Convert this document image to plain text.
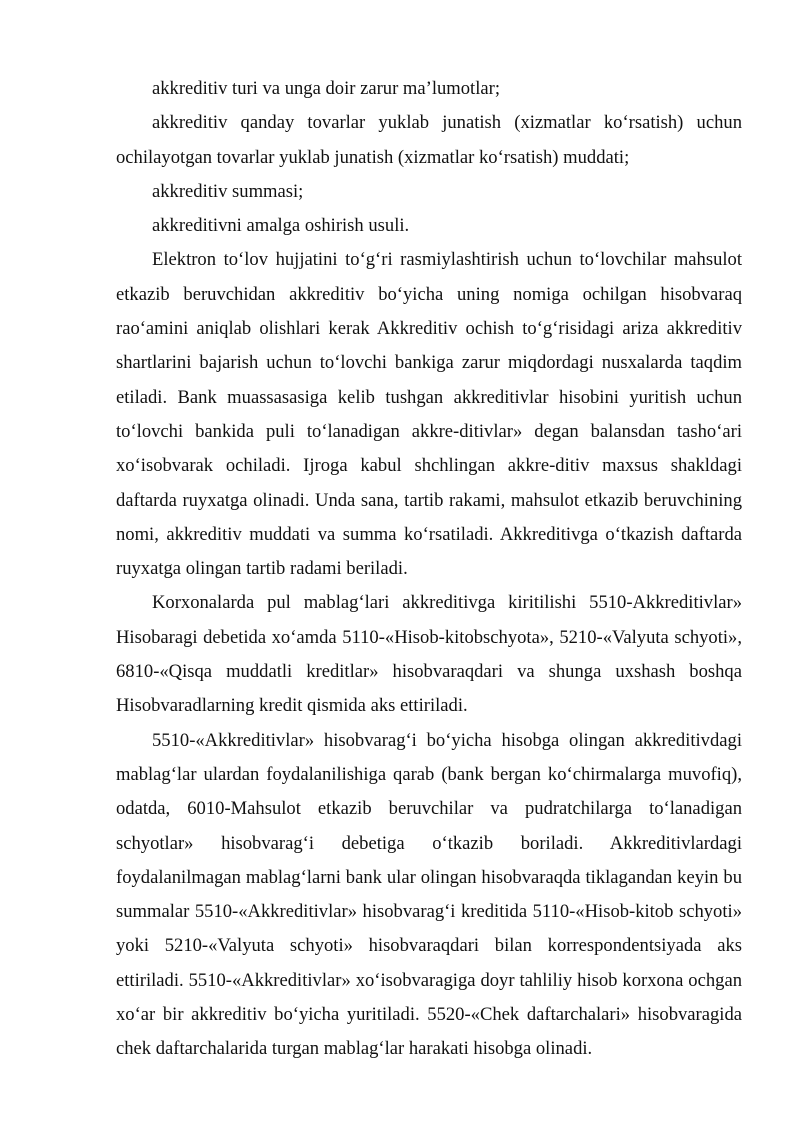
akkreditiv turi va unga doir zarur ma’lumotlar;

akkreditiv qanday tovarlar yuklab junatish (xizmatlar ko‘rsatish) uchun ochilayotgan tovarlar yuklab junatish (xizmatlar ko‘rsatish) muddati;

akkreditiv summasi;

akkreditivni amalga oshirish usuli.

Elektron to‘lov hujjatini to‘g‘ri rasmiylashtirish uchun to‘lovchilar mahsulot etkazib beruvchidan akkreditiv bo‘yicha uning nomiga ochilgan hisobvaraq rao‘amini aniqlab olishlari kerak Akkreditiv ochish to‘g‘risidagi ariza akkreditiv shartlarini bajarish uchun to‘lovchi bankiga zarur miqdordagi nusxalarda taqdim etiladi. Bank muassasasiga kelib tushgan akkreditivlar hisobini yuritish uchun to‘lovchi bankida puli to‘lanadigan akkre-ditivlar» degan balansdan tasho‘ari xo‘isobvarak ochiladi. Ijroga kabul shchlingan akkre-ditiv maxsus shakldagi daftarda ruyxatga olinadi. Unda sana, tartib rakami, mahsulot etkazib beruvchining nomi, akkreditiv muddati va summa ko‘rsatiladi. Akkreditivga o‘tkazish daftarda ruyxatga olingan tartib radami beriladi.

Korxonalarda pul mablag‘lari akkreditivga kiritilishi 5510-Akkreditivlar» Hisobaragi debetida xo‘amda 5110-«Hisob-kitobschyota», 5210-«Valyuta schyoti», 6810-«Qisqa muddatli kreditlar» hisobvaraqdari va shunga uxshash boshqa Hisobvaradlarning kredit qismida aks ettiriladi.

5510-«Akkreditivlar» hisobvarag‘i bo‘yicha hisobga olingan akkreditivdagi mablag‘lar ulardan foydalanilishiga qarab (bank bergan ko‘chirmalarga muvofiq), odatda, 6010-Mahsulot etkazib beruvchilar va pudratchilarga to‘lanadigan schyotlar» hisobvarag‘i debetiga o‘tkazib boriladi. Akkreditivlardagi foydalanilmagan mablag‘larni bank ular olingan hisobvaraqda tiklagandan keyin bu summalar 5510-«Akkreditivlar» hisobvarag‘i kreditida 5110-«Hisob-kitob schyoti» yoki 5210-«Valyuta schyoti» hisobvaraqdari bilan korrespondentsiyada aks ettiriladi. 5510-«Akkreditivlar» xo‘isobvaragiga doyr tahliliy hisob korxona ochgan xo‘ar bir akkreditiv bo‘yicha yuritiladi. 5520-«Chek daftarchalari» hisobvaragida chek daftarchalarida turgan mablag‘lar harakati hisobga olinadi.
